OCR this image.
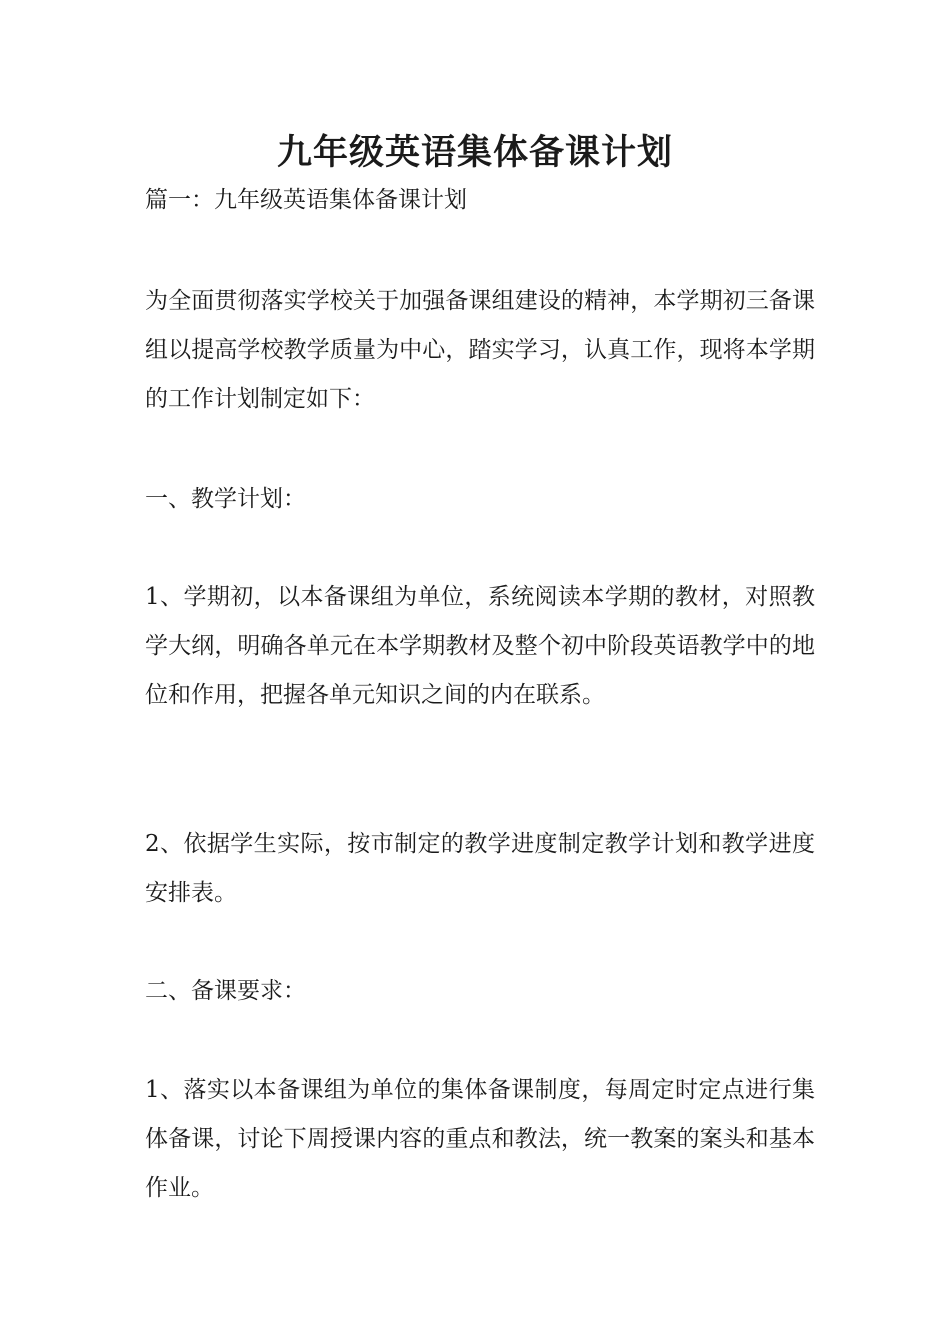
九年级英语集体备课计划
篇一：九年级英语集体备课计划

为全面贯彻落实学校关于加强备课组建设的精神，本学期初三备课组以提高学校教学质量为中心，踏实学习，认真工作，现将本学期的工作计划制定如下：

一、教学计划：

1、学期初，以本备课组为单位，系统阅读本学期的教材，对照教学大纲，明确各单元在本学期教材及整个初中阶段英语教学中的地位和作用，把握各单元知识之间的内在联系。

2、依据学生实际，按市制定的教学进度制定教学计划和教学进度安排表。

二、备课要求：

1、落实以本备课组为单位的集体备课制度，每周定时定点进行集体备课，讨论下周授课内容的重点和教法，统一教案的案头和基本作业。
